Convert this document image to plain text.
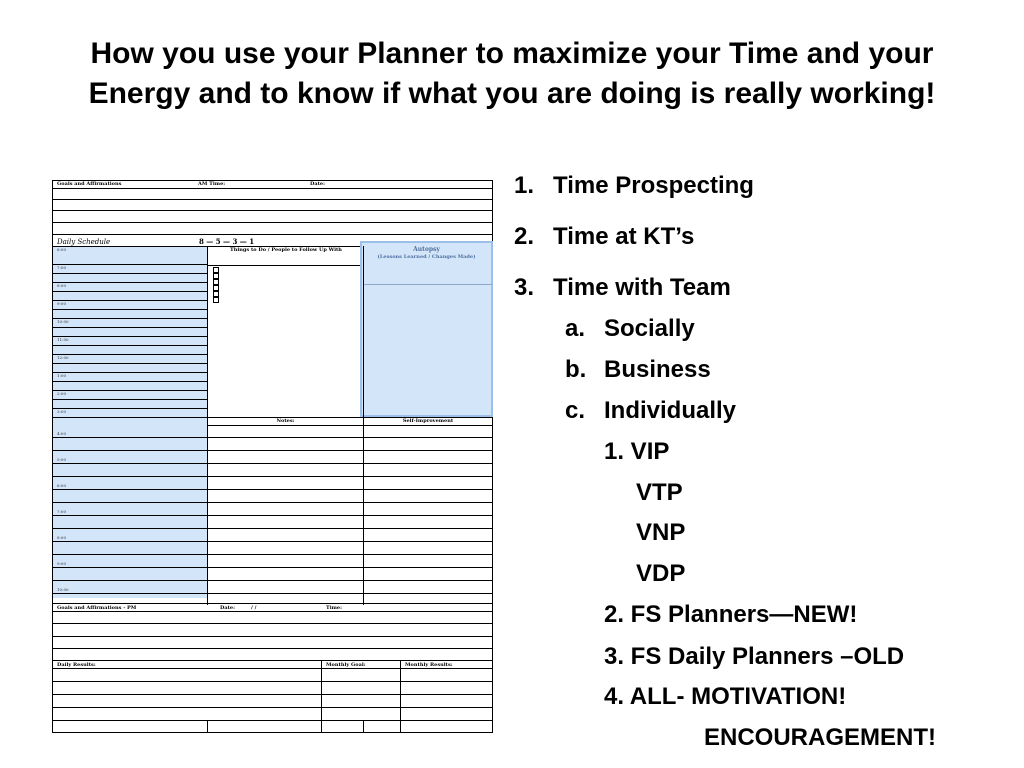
How you use your Planner to maximize your Time and your
Energy and to know if what you are doing is really working!
Goals and Affirmations	AM Time:	Date:
Daily Schedule	8 — 5 — 3 — 1
Autopsy
(Lessons Learned / Changes Made)
Things to Do / People to Follow Up With
6:00
7:00
8:00
9:00
10:00
11:00
12:00
1:00
2:00
3:00
Notes:	Self-Improvement
4:00
5:00
6:00
7:00
8:00
9:00
10:00
Goals and Affirmations - PM	Date:	/ /	Time:
Daily Results:	Monthly Goal:	Monthly Results:
1. Time Prospecting
2. Time at KT’s
3. Time with Team
a. Socially
b. Business
c. Individually
1. VIP
VTP
VNP
VDP
2. FS Planners—NEW!
3. FS Daily Planners –OLD
4. ALL- MOTIVATION!
ENCOURAGEMENT!
